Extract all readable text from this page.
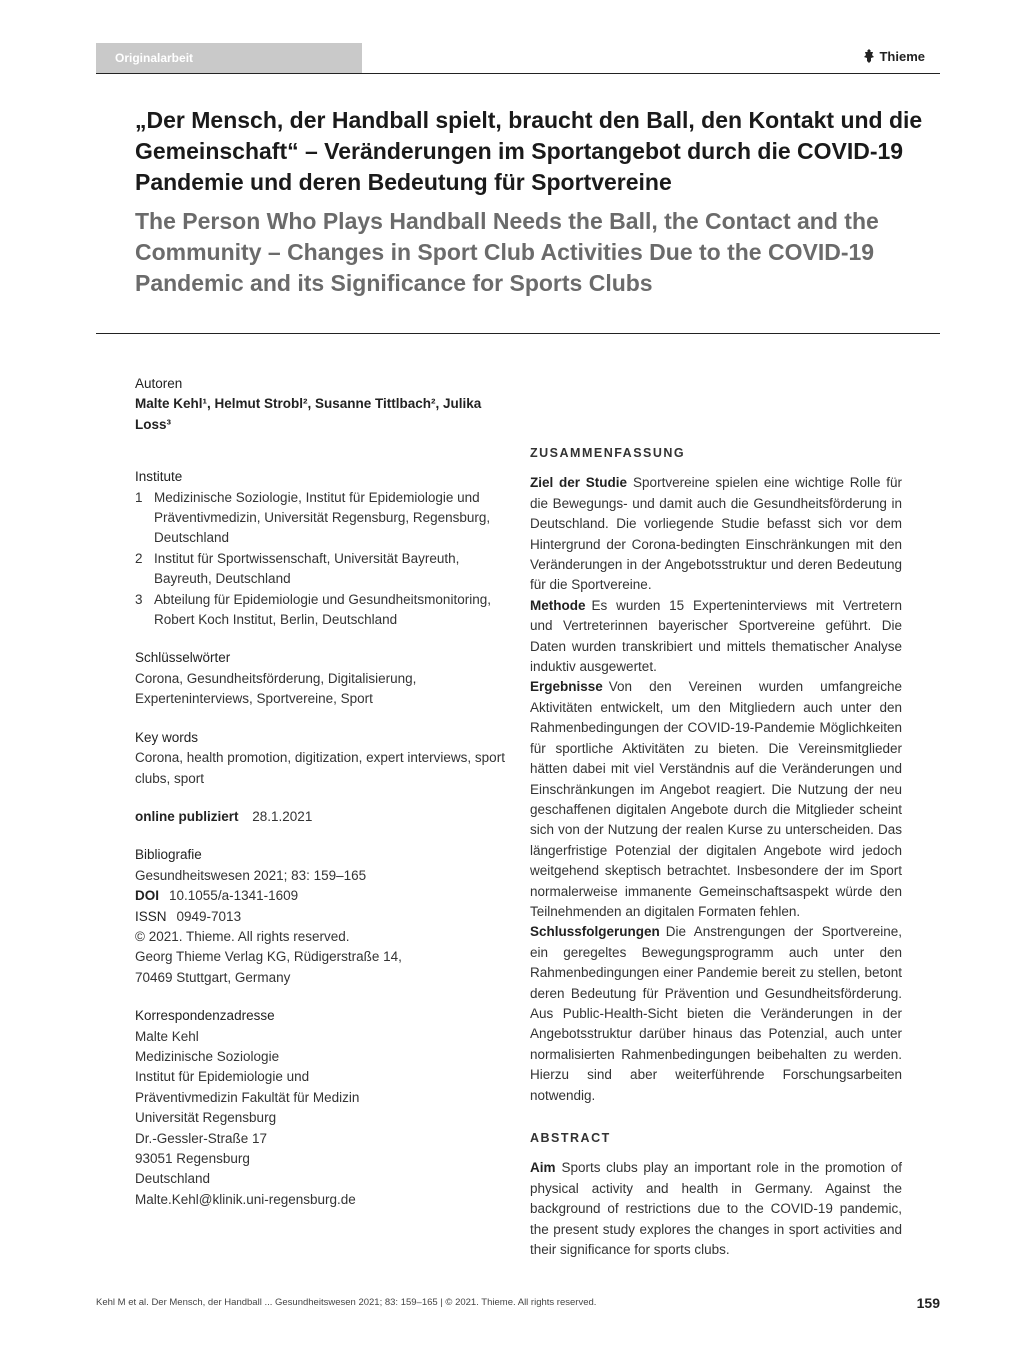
Originalarbeit	Thieme
„Der Mensch, der Handball spielt, braucht den Ball, den Kontakt und die Gemeinschaft“ – Veränderungen im Sportangebot durch die COVID-19 Pandemie und deren Bedeutung für Sportvereine
The Person Who Plays Handball Needs the Ball, the Contact and the Community – Changes in Sport Club Activities Due to the COVID-19 Pandemic and its Significance for Sports Clubs
Autoren
Malte Kehl¹, Helmut Strobl², Susanne Tittlbach², Julika Loss³
Institute
1 Medizinische Soziologie, Institut für Epidemiologie und Präventivmedizin, Universität Regensburg, Regensburg, Deutschland
2 Institut für Sportwissenschaft, Universität Bayreuth, Bayreuth, Deutschland
3 Abteilung für Epidemiologie und Gesundheitsmonitoring, Robert Koch Institut, Berlin, Deutschland
Schlüsselwörter
Corona, Gesundheitsförderung, Digitalisierung, Experteninterviews, Sportvereine, Sport
Key words
Corona, health promotion, digitization, expert interviews, sport clubs, sport
online publiziert 28.1.2021
Bibliografie
Gesundheitswesen 2021; 83: 159–165
DOI 10.1055/a-1341-1609
ISSN 0949-7013
© 2021. Thieme. All rights reserved.
Georg Thieme Verlag KG, Rüdigerstraße 14,
70469 Stuttgart, Germany
Korrespondenzadresse
Malte Kehl
Medizinische Soziologie
Institut für Epidemiologie und
Präventivmedizin Fakultät für Medizin
Universität Regensburg
Dr.-Gessler-Straße 17
93051 Regensburg
Deutschland
Malte.Kehl@klinik.uni-regensburg.de
ZUSAMMENFASSUNG
Ziel der Studie Sportvereine spielen eine wichtige Rolle für die Bewegungs- und damit auch die Gesundheitsförderung in Deutschland. Die vorliegende Studie befasst sich vor dem Hintergrund der Corona-bedingten Einschränkungen mit den Veränderungen in der Angebotsstruktur und deren Bedeutung für die Sportvereine.
Methode Es wurden 15 Experteninterviews mit Vertretern und Vertreterinnen bayerischer Sportvereine geführt. Die Daten wurden transkribiert und mittels thematischer Analyse induktiv ausgewertet.
Ergebnisse Von den Vereinen wurden umfangreiche Aktivitäten entwickelt, um den Mitgliedern auch unter den Rahmenbedingungen der COVID-19-Pandemie Möglichkeiten für sportliche Aktivitäten zu bieten. Die Vereinsmitglieder hätten dabei mit viel Verständnis auf die Veränderungen und Einschränkungen im Angebot reagiert. Die Nutzung der neu geschaffenen digitalen Angebote durch die Mitglieder scheint sich von der Nutzung der realen Kurse zu unterscheiden. Das längerfristige Potenzial der digitalen Angebote wird jedoch weitgehend skeptisch betrachtet. Insbesondere der im Sport normalerweise immanente Gemeinschaftsaspekt würde den Teilnehmenden an digitalen Formaten fehlen.
Schlussfolgerungen Die Anstrengungen der Sportvereine, ein geregeltes Bewegungsprogramm auch unter den Rahmenbedingungen einer Pandemie bereit zu stellen, betont deren Bedeutung für Prävention und Gesundheitsförderung. Aus Public-Health-Sicht bieten die Veränderungen in der Angebotsstruktur darüber hinaus das Potenzial, auch unter normalisierten Rahmenbedingungen beibehalten zu werden. Hierzu sind aber weiterführende Forschungsarbeiten notwendig.
ABSTRACT
Aim Sports clubs play an important role in the promotion of physical activity and health in Germany. Against the background of restrictions due to the COVID-19 pandemic, the present study explores the changes in sport activities and their significance for sports clubs.
Kehl M et al. Der Mensch, der Handball ... Gesundheitswesen 2021; 83: 159–165 | © 2021. Thieme. All rights reserved.	159
